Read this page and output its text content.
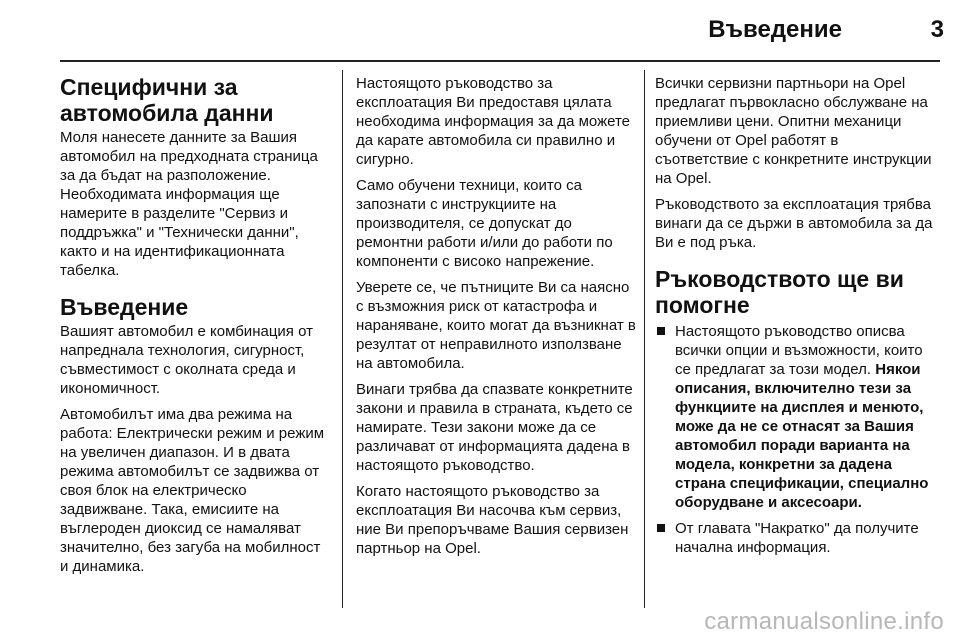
Въведение	3
Специфични за автомобила данни

Моля нанесете данните за Вашия автомобил на предходната страница за да бъдат на разположение. Необходимата информация ще намерите в разделите "Сервиз и поддръжка" и "Технически данни", както и на идентификационната табелка.

Въведение

Вашият автомобил е комбинация от напреднала технология, сигурност, съвместимост с околната среда и икономичност.

Автомобилът има два режима на работа: Електрически режим и режим на увеличен диапазон. И в двата режима автомобилът се задвижва от своя блок на електрическо задвижване. Така, емисиите на въглероден диоксид се намаляват значително, без загуба на мобилност и динамика.

Настоящото ръководство за експлоатация Ви предоставя цялата необходима информация за да можете да карате автомобила си правилно и сигурно.

Само обучени техници, които са запознати с инструкциите на производителя, се допускат до ремонтни работи и/или до работи по компоненти с високо напрежение.

Уверете се, че пътниците Ви са наясно с възможния риск от катастрофа и нараняване, които могат да възникнат в резултат от неправилното използване на автомобила.

Винаги трябва да спазвате конкретните закони и правила в страната, където се намирате. Тези закони може да се различават от информацията дадена в настоящото ръководство.

Когато настоящото ръководство за експлоатация Ви насочва към сервиз, ние Ви препоръчваме Вашия сервизен партньор на Opel.

Всички сервизни партньори на Opel предлагат първокласно обслужване на приемливи цени. Опитни механици обучени от Opel работят в съответствие с конкретните инструкции на Opel.

Ръководството за експлоатация трябва винаги да се държи в автомобила за да Ви е под ръка.

Ръководството ще ви помогне
Настоящото ръководство описва всички опции и възможности, които се предлагат за този модел. Някои описания, включително тези за функциите на дисплея и менюто, може да не се отнасят за Вашия автомобил поради варианта на модела, конкретни за дадена страна спецификации, специално оборудване и аксесоари.
От главата "Накратко" да получите начална информация.
carmanualsonline.info
